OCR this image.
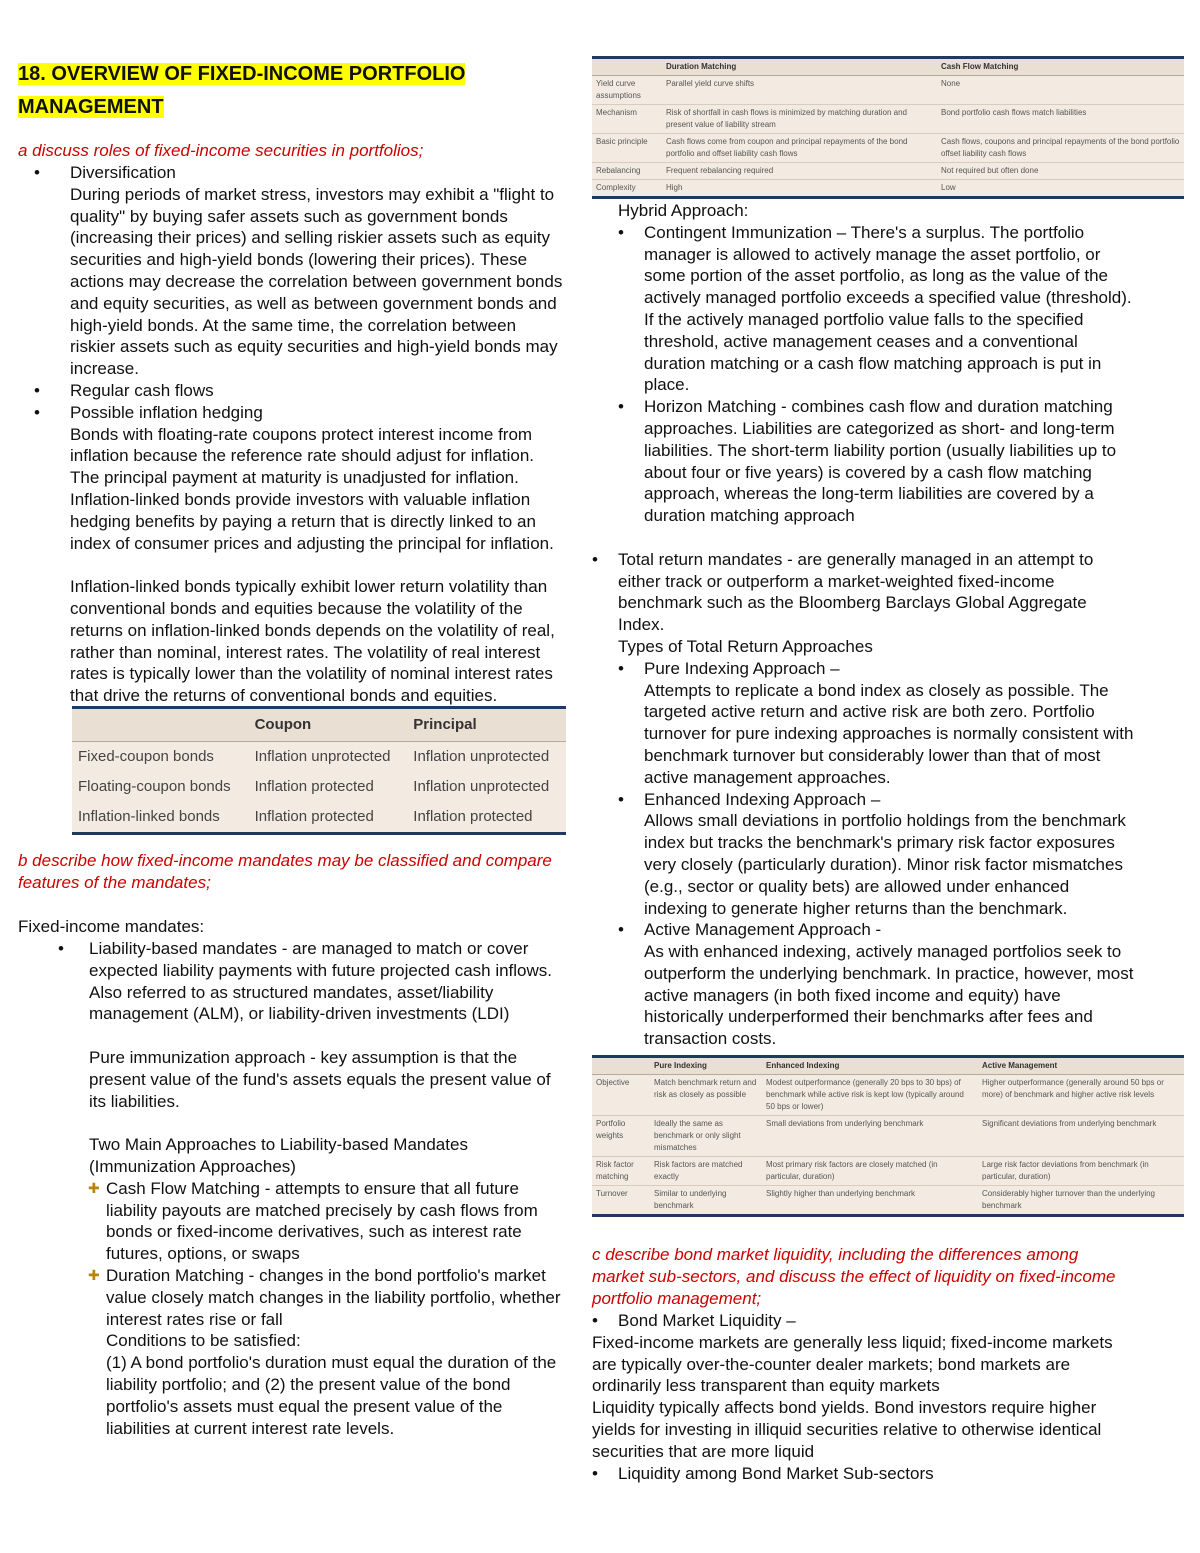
18. OVERVIEW OF FIXED-INCOME PORTFOLIO
MANAGEMENT
a discuss roles of fixed-income securities in portfolios;
• Diversification
During periods of market stress, investors may exhibit a "flight to
quality" by buying safer assets such as government bonds
(increasing their prices) and selling riskier assets such as equity
securities and high-yield bonds (lowering their prices). These
actions may decrease the correlation between government bonds
and equity securities, as well as between government bonds and
high-yield bonds. At the same time, the correlation between
riskier assets such as equity securities and high-yield bonds may
increase.
• Regular cash flows
• Possible inflation hedging
Bonds with floating-rate coupons protect interest income from
inflation because the reference rate should adjust for inflation.
The principal payment at maturity is unadjusted for inflation.
Inflation-linked bonds provide investors with valuable inflation
hedging benefits by paying a return that is directly linked to an
index of consumer prices and adjusting the principal for inflation.
Inflation-linked bonds typically exhibit lower return volatility than
conventional bonds and equities because the volatility of the
returns on inflation-linked bonds depends on the volatility of real,
rather than nominal, interest rates. The volatility of real interest
rates is typically lower than the volatility of nominal interest rates
that drive the returns of conventional bonds and equities.
	Coupon	Principal
Fixed-coupon bonds	Inflation unprotected	Inflation unprotected
Floating-coupon bonds	Inflation protected	Inflation unprotected
Inflation-linked bonds	Inflation protected	Inflation protected
b describe how fixed-income mandates may be classified and compare
features of the mandates;
Fixed-income mandates:
• Liability-based mandates - are managed to match or cover
expected liability payments with future projected cash inflows.
Also referred to as structured mandates, asset/liability
management (ALM), or liability-driven investments (LDI)
Pure immunization approach - key assumption is that the
present value of the fund's assets equals the present value of
its liabilities.
Two Main Approaches to Liability-based Mandates
(Immunization Approaches)
✚ Cash Flow Matching - attempts to ensure that all future
liability payouts are matched precisely by cash flows from
bonds or fixed-income derivatives, such as interest rate
futures, options, or swaps
✚ Duration Matching - changes in the bond portfolio's market
value closely match changes in the liability portfolio, whether
interest rates rise or fall
Conditions to be satisfied:
(1) A bond portfolio's duration must equal the duration of the
liability portfolio; and (2) the present value of the bond
portfolio's assets must equal the present value of the
liabilities at current interest rate levels.
	Duration Matching	Cash Flow Matching
Yield curve assumptions	Parallel yield curve shifts	None
Mechanism	Risk of shortfall in cash flows is minimized by matching duration and present value of liability stream	Bond portfolio cash flows match liabilities
Basic principle	Cash flows come from coupon and principal repayments of the bond portfolio and offset liability cash flows	Cash flows, coupons and principal repayments of the bond portfolio offset liability cash flows
Rebalancing	Frequent rebalancing required	Not required but often done
Complexity	High	Low
Hybrid Approach:
• Contingent Immunization – There's a surplus. The portfolio
manager is allowed to actively manage the asset portfolio, or
some portion of the asset portfolio, as long as the value of the
actively managed portfolio exceeds a specified value (threshold).
If the actively managed portfolio value falls to the specified
threshold, active management ceases and a conventional
duration matching or a cash flow matching approach is put in
place.
• Horizon Matching - combines cash flow and duration matching
approaches. Liabilities are categorized as short- and long-term
liabilities. The short-term liability portion (usually liabilities up to
about four or five years) is covered by a cash flow matching
approach, whereas the long-term liabilities are covered by a
duration matching approach
• Total return mandates - are generally managed in an attempt to
either track or outperform a market-weighted fixed-income
benchmark such as the Bloomberg Barclays Global Aggregate
Index.
Types of Total Return Approaches
• Pure Indexing Approach –
Attempts to replicate a bond index as closely as possible. The
targeted active return and active risk are both zero. Portfolio
turnover for pure indexing approaches is normally consistent with
benchmark turnover but considerably lower than that of most
active management approaches.
• Enhanced Indexing Approach –
Allows small deviations in portfolio holdings from the benchmark
index but tracks the benchmark's primary risk factor exposures
very closely (particularly duration). Minor risk factor mismatches
(e.g., sector or quality bets) are allowed under enhanced
indexing to generate higher returns than the benchmark.
• Active Management Approach -
As with enhanced indexing, actively managed portfolios seek to
outperform the underlying benchmark. In practice, however, most
active managers (in both fixed income and equity) have
historically underperformed their benchmarks after fees and
transaction costs.
	Pure Indexing	Enhanced Indexing	Active Management
Objective	Match benchmark return and risk as closely as possible	Modest outperformance (generally 20 bps to 30 bps) of benchmark while active risk is kept low (typically around 50 bps or lower)	Higher outperformance (generally around 50 bps or more) of benchmark and higher active risk levels
Portfolio weights	Ideally the same as benchmark or only slight mismatches	Small deviations from underlying benchmark	Significant deviations from underlying benchmark
Risk factor matching	Risk factors are matched exactly	Most primary risk factors are closely matched (in particular, duration)	Large risk factor deviations from benchmark (in particular, duration)
Turnover	Similar to underlying benchmark	Slightly higher than underlying benchmark	Considerably higher turnover than the underlying benchmark
c describe bond market liquidity, including the differences among
market sub-sectors, and discuss the effect of liquidity on fixed-income
portfolio management;
• Bond Market Liquidity –
Fixed-income markets are generally less liquid; fixed-income markets
are typically over-the-counter dealer markets; bond markets are
ordinarily less transparent than equity markets
Liquidity typically affects bond yields. Bond investors require higher
yields for investing in illiquid securities relative to otherwise identical
securities that are more liquid
• Liquidity among Bond Market Sub-sectors
